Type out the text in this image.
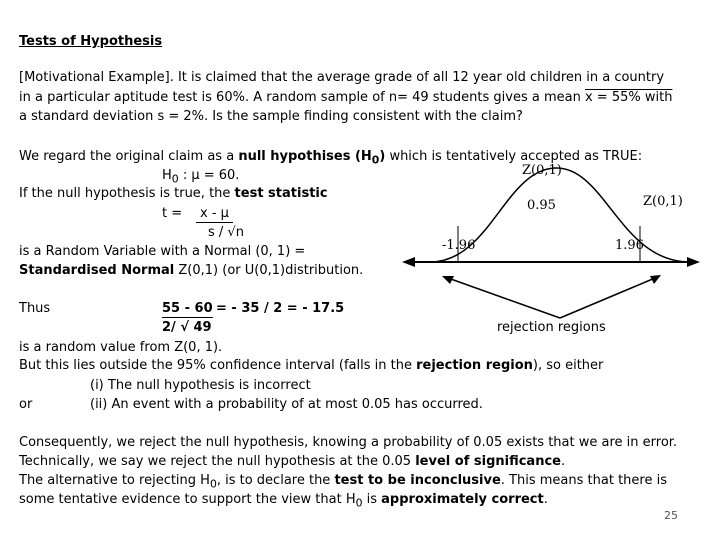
Tests of Hypothesis
[Motivational Example]. It is claimed that the average grade of all 12 year old children in a country
in a particular aptitude test is 60%. A random sample of n= 49 students gives a mean x = 55% with
a standard deviation s = 2%. Is the sample finding consistent with the claim?
We regard the original claim as a null hypothises $(H_0)$ which is tentatively accepted as TRUE:
$H_0$ : μ = 60.
If the null hypothesis is true, the test statistic
t =	x - μ
s / √n
is a Random Variable with a Normal (0, 1) =
Standardised Normal Z(0,1) (or U(0,1)distribution.
Z(0,1)
Z(0,1)
0.95
-1.96	1.96
rejection regions
Thus	55 - 60 = - 35 / 2 = - 17.5
2/ √ 49
is a random value from Z(0, 1).
But this lies outside the 95% confidence interval (falls in the rejection region), so either
(i) The null hypothesis is incorrect
or	(ii) An event with a probability of at most 0.05 has occurred.
Consequently, we reject the null hypothesis, knowing a probability of 0.05 exists that we are in error.
Technically, we say we reject the null hypothesis at the 0.05 level of significance.
The alternative to rejecting $H_0$, is to declare the test to be inconclusive. This means that there is
some tentative evidence to support the view that $H_0$ is approximately correct.
25
